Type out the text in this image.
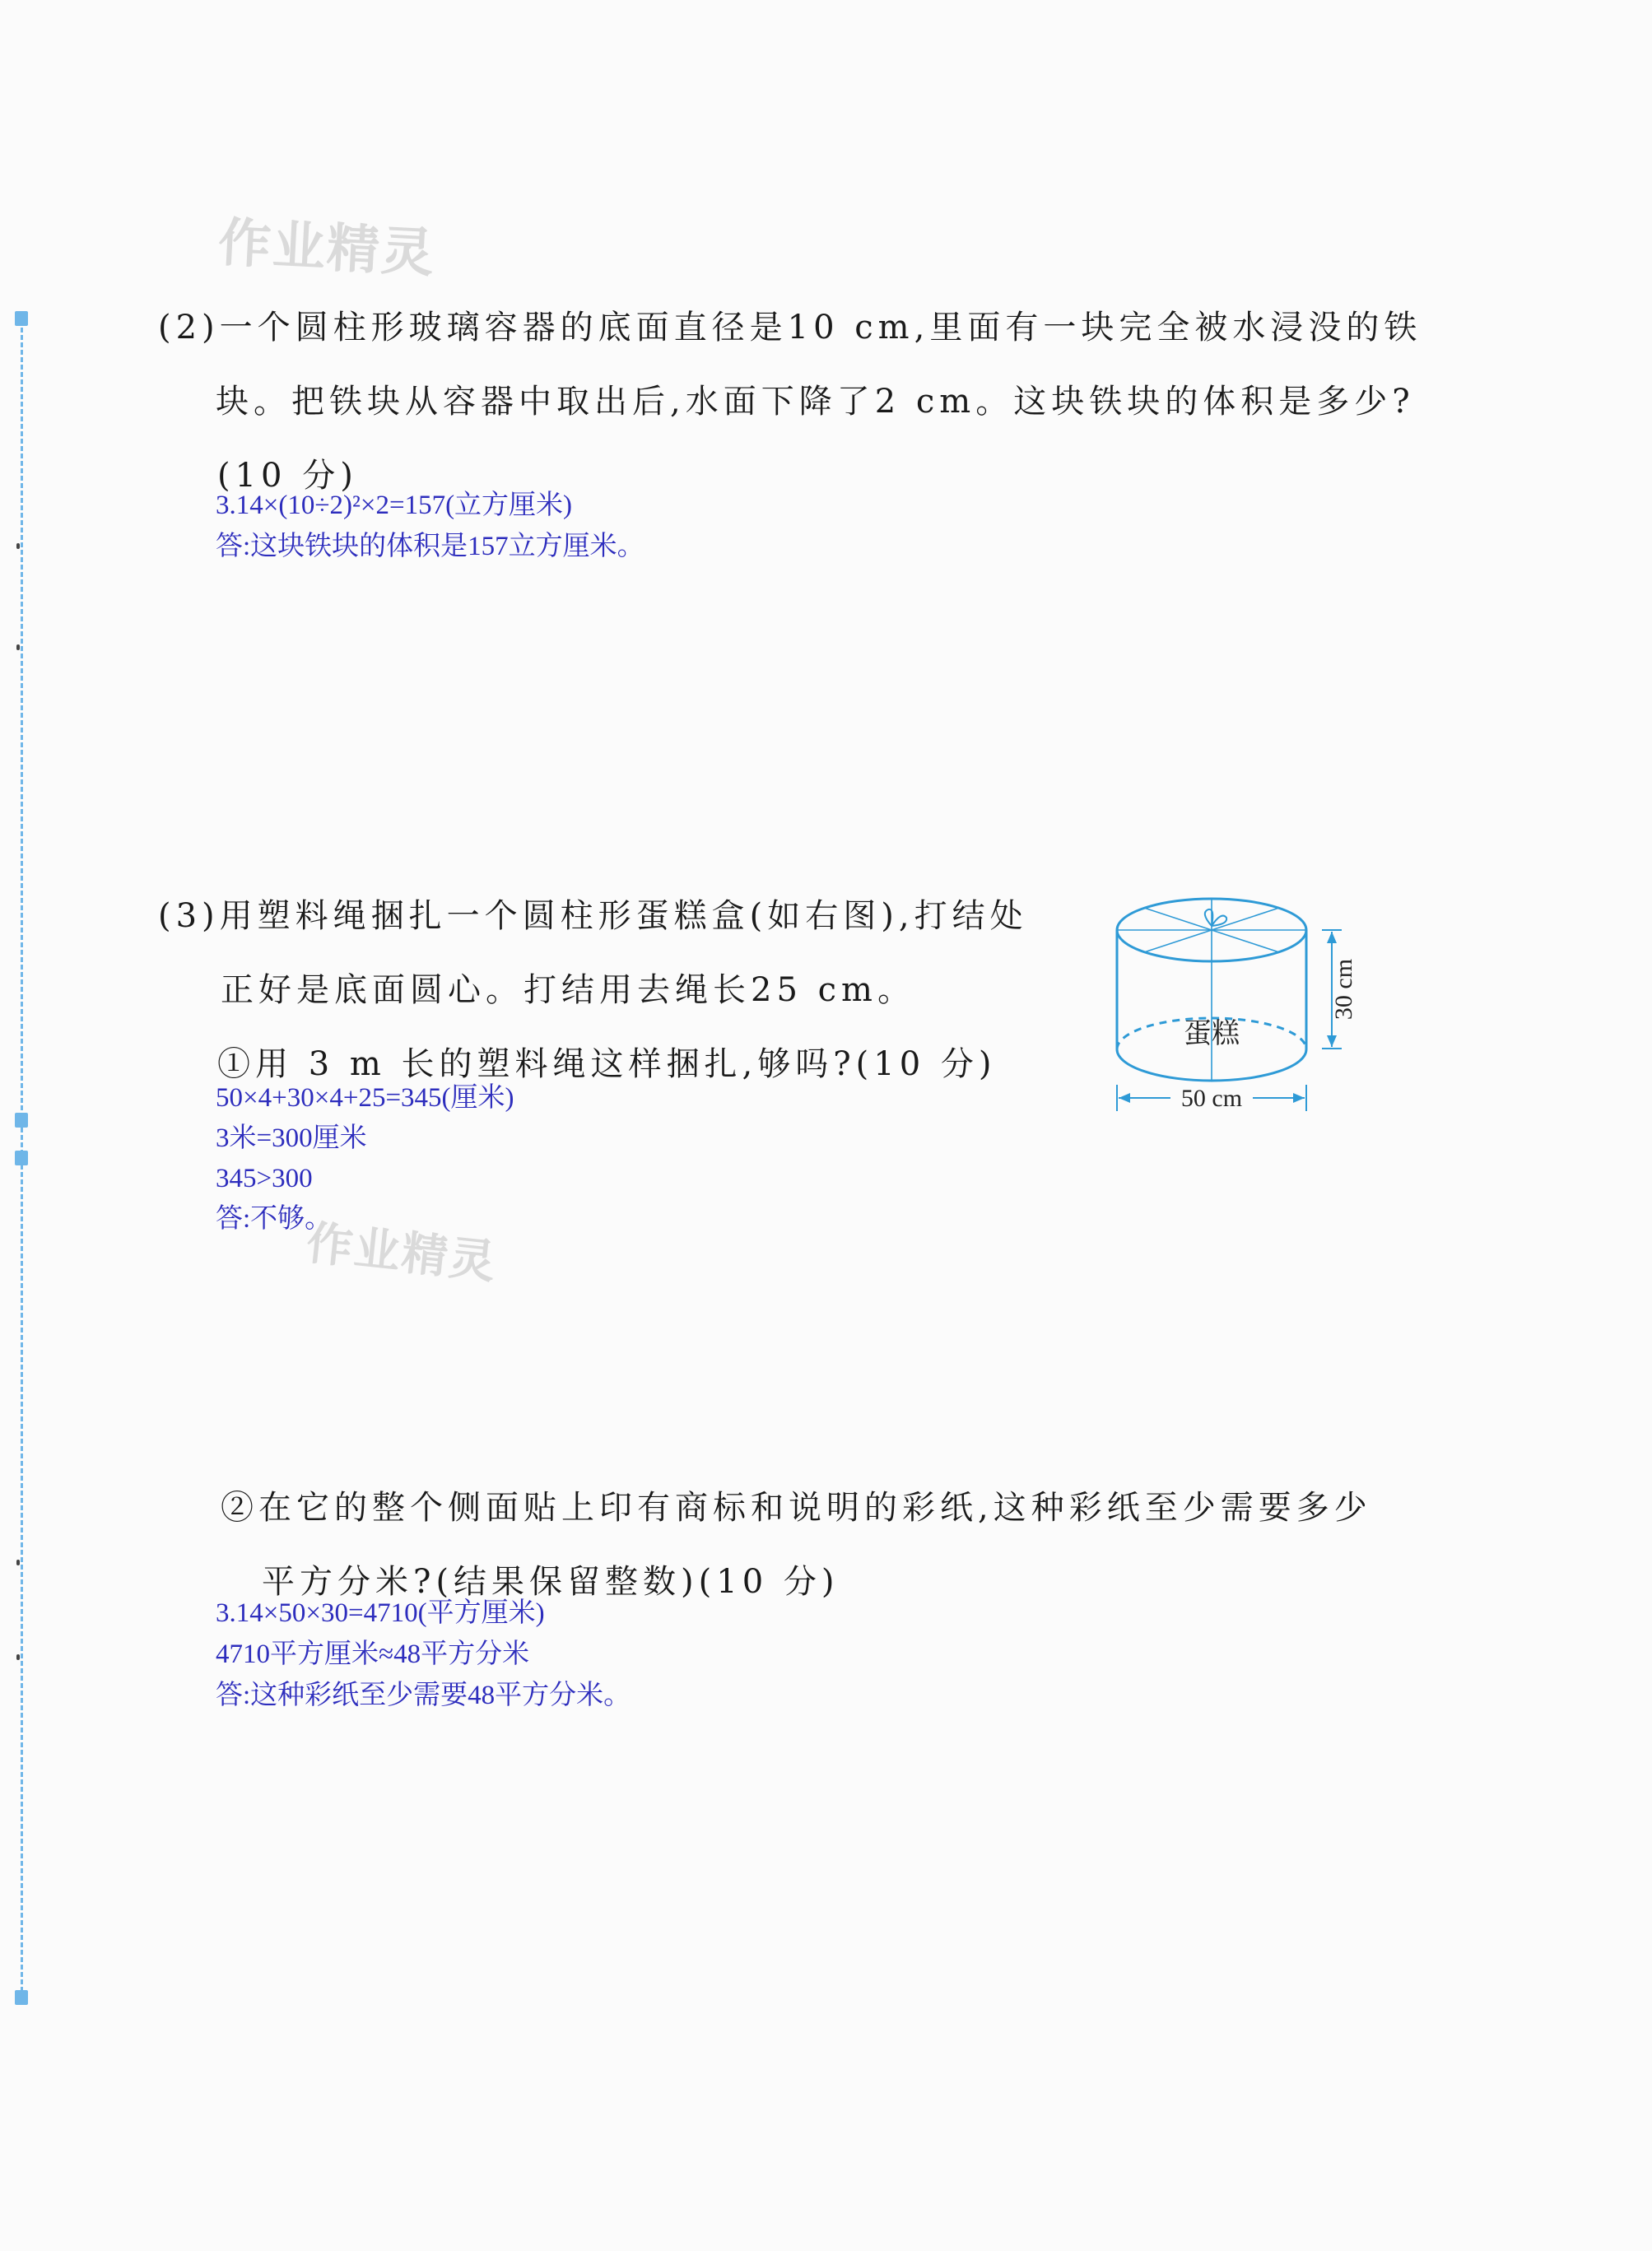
作业精灵
作业精灵
(2)一个圆柱形玻璃容器的底面直径是10 cm,里面有一块完全被水浸没的铁
块。把铁块从容器中取出后,水面下降了2 cm。这块铁块的体积是多少?
(10 分)
3.14×(10÷2)²×2=157(立方厘米)
答:这块铁块的体积是157立方厘米。
(3)用塑料绳捆扎一个圆柱形蛋糕盒(如右图),打结处
正好是底面圆心。打结用去绳长25 cm。
①用 3 m 长的塑料绳这样捆扎,够吗?(10 分)
50×4+30×4+25=345(厘米)
3米=300厘米
345>300
答:不够。
②在它的整个侧面贴上印有商标和说明的彩纸,这种彩纸至少需要多少
平方分米?(结果保留整数)(10 分)
3.14×50×30=4710(平方厘米)
4710平方厘米≈48平方分米
答:这种彩纸至少需要48平方分米。
蛋糕
30 cm
50 cm
